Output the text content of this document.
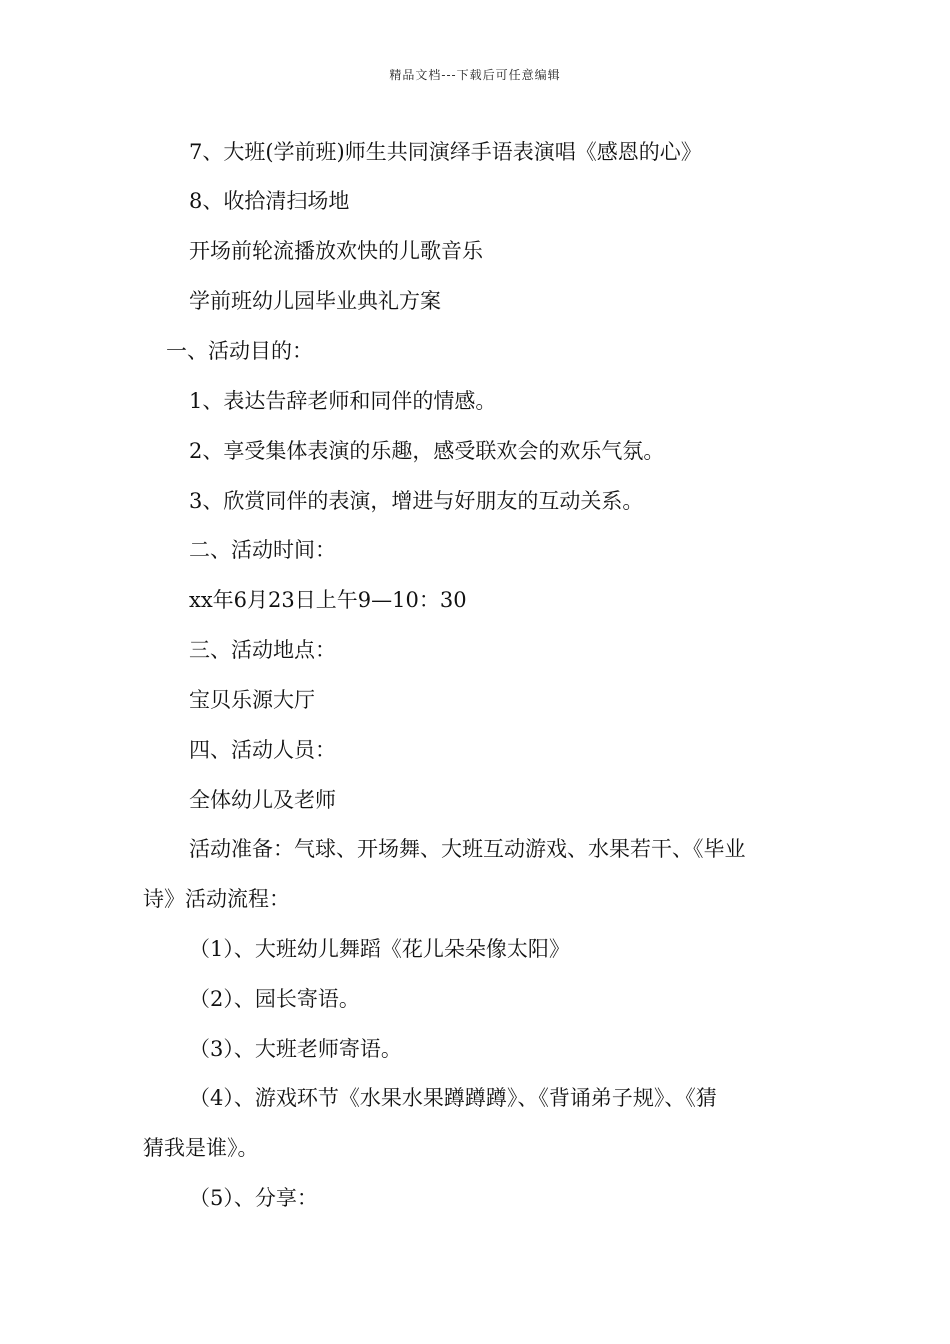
精品文档---下载后可任意编辑
7、大班(学前班)师生共同演绎手语表演唱《感恩的心》
8、收拾清扫场地
开场前轮流播放欢快的儿歌音乐
学前班幼儿园毕业典礼方案
一、活动目的：
1、表达告辞老师和同伴的情感。
2、享受集体表演的乐趣，感受联欢会的欢乐气氛。
3、欣赏同伴的表演，增进与好朋友的互动关系。
二、活动时间：
xx年6月23日上午9—10：30
三、活动地点：
宝贝乐源大厅
四、活动人员：
全体幼儿及老师
活动准备：气球、开场舞、大班互动游戏、水果若干、《毕业
诗》活动流程：
（1）、大班幼儿舞蹈《花儿朵朵像太阳》
（2）、园长寄语。
（3）、大班老师寄语。
（4）、游戏环节《水果水果蹲蹲蹲》、《背诵弟子规》、《猜
猜我是谁》。
（5）、分享：
